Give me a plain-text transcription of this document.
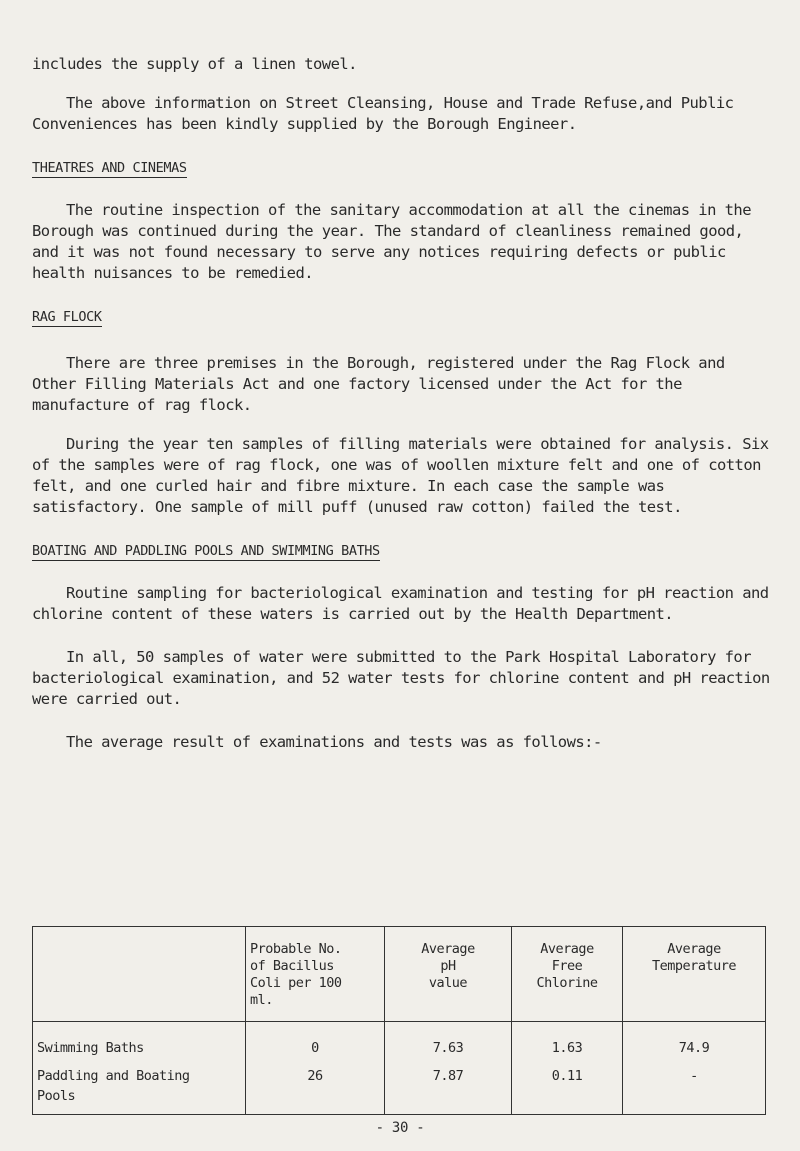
includes the supply of a linen towel.

The above information on Street Cleansing, House and Trade Refuse,and Public Conveniences has been kindly supplied by the Borough Engineer.

THEATRES AND CINEMAS

The routine inspection of the sanitary accommodation at all the cinemas in the Borough was continued during the year. The standard of cleanliness remained good, and it was not found necessary to serve any notices requiring defects or public health nuisances to be remedied.

RAG FLOCK

There are three premises in the Borough, registered under the Rag Flock and Other Filling Materials Act and one factory licensed under the Act for the manufacture of rag flock.

During the year ten samples of filling materials were obtained for analysis. Six of the samples were of rag flock, one was of woollen mixture felt and one of cotton felt, and one curled hair and fibre mixture. In each case the sample was satisfactory. One sample of mill puff (unused raw cotton) failed the test.

BOATING AND PADDLING POOLS AND SWIMMING BATHS

Routine sampling for bacteriological examination and testing for pH reaction and chlorine content of these waters is carried out by the Health Department.

In all, 50 samples of water were submitted to the Park Hospital Laboratory for bacteriological examination, and 52 water tests for chlorine content and pH reaction were carried out.

The average result of examinations and tests was as follows:-

	Probable No.
of Bacillus
Coli per 100
ml.	Average
pH
value	Average
Free
Chlorine	Average
Temperature
Swimming Baths	0	7.63	1.63	74.9
Paddling and Boating
Pools	26	7.87	0.11	-
- 30 -
